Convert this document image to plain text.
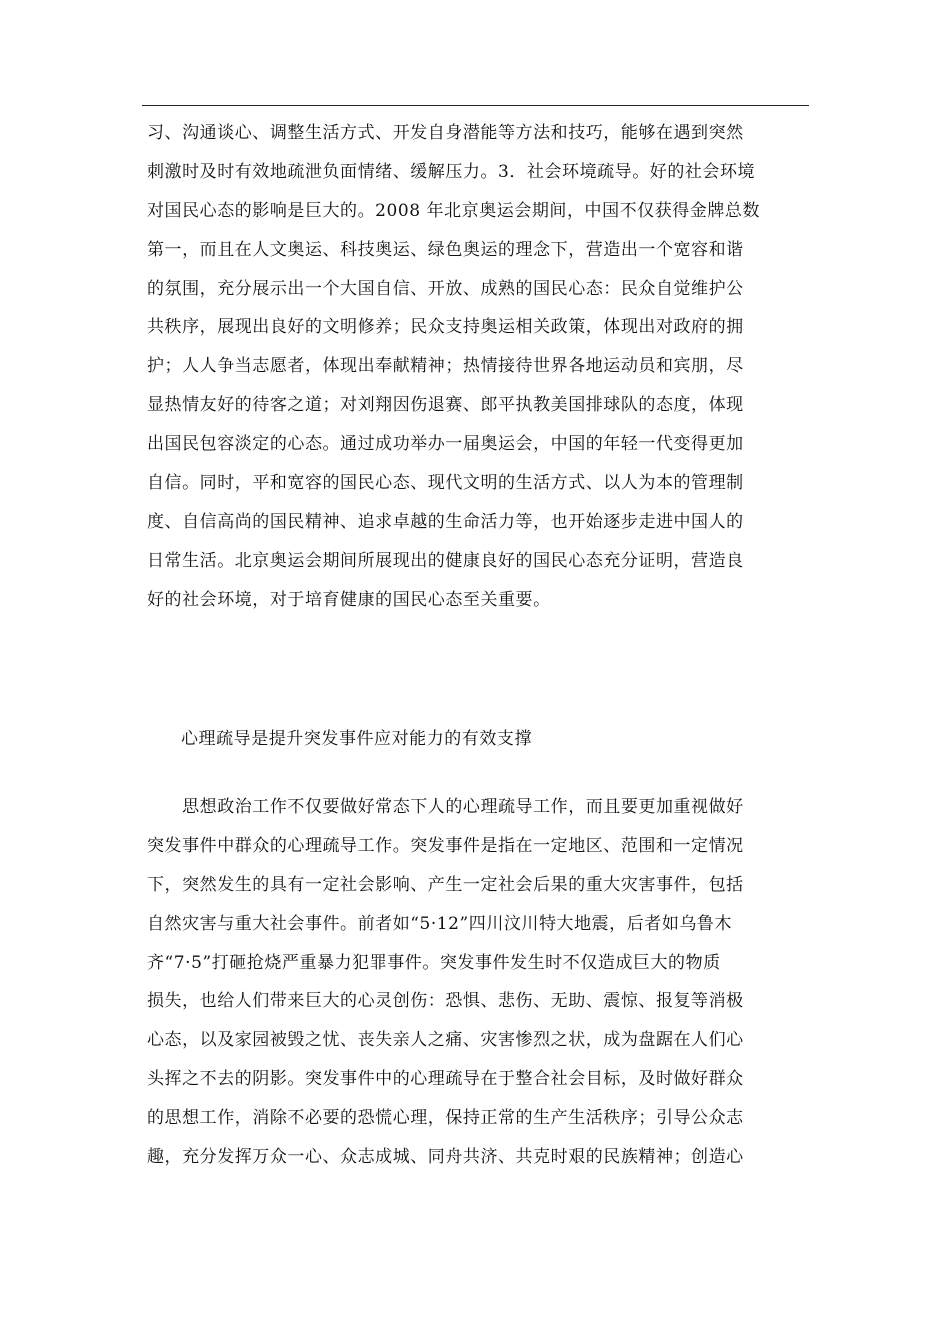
习、沟通谈心、调整生活方式、开发自身潜能等方法和技巧，能够在遇到突然
刺激时及时有效地疏泄负面情绪、缓解压力。3．社会环境疏导。好的社会环境
对国民心态的影响是巨大的。2008 年北京奥运会期间，中国不仅获得金牌总数
第一，而且在人文奥运、科技奥运、绿色奥运的理念下，营造出一个宽容和谐
的氛围，充分展示出一个大国自信、开放、成熟的国民心态：民众自觉维护公
共秩序，展现出良好的文明修养；民众支持奥运相关政策，体现出对政府的拥
护；人人争当志愿者，体现出奉献精神；热情接待世界各地运动员和宾朋，尽
显热情友好的待客之道；对刘翔因伤退赛、郎平执教美国排球队的态度，体现
出国民包容淡定的心态。通过成功举办一届奥运会，中国的年轻一代变得更加
自信。同时，平和宽容的国民心态、现代文明的生活方式、以人为本的管理制
度、自信高尚的国民精神、追求卓越的生命活力等，也开始逐步走进中国人的
日常生活。北京奥运会期间所展现出的健康良好的国民心态充分证明，营造良
好的社会环境，对于培育健康的国民心态至关重要。
心理疏导是提升突发事件应对能力的有效支撑
　　思想政治工作不仅要做好常态下人的心理疏导工作，而且要更加重视做好
突发事件中群众的心理疏导工作。突发事件是指在一定地区、范围和一定情况
下，突然发生的具有一定社会影响、产生一定社会后果的重大灾害事件，包括
自然灾害与重大社会事件。前者如“5·12”四川汶川特大地震，后者如乌鲁木
齐“7·5”打砸抢烧严重暴力犯罪事件。突发事件发生时不仅造成巨大的物质
损失，也给人们带来巨大的心灵创伤：恐惧、悲伤、无助、震惊、报复等消极
心态，以及家园被毁之忧、丧失亲人之痛、灾害惨烈之状，成为盘踞在人们心
头挥之不去的阴影。突发事件中的心理疏导在于整合社会目标，及时做好群众
的思想工作，消除不必要的恐慌心理，保持正常的生产生活秩序；引导公众志
趣，充分发挥万众一心、众志成城、同舟共济、共克时艰的民族精神；创造心
